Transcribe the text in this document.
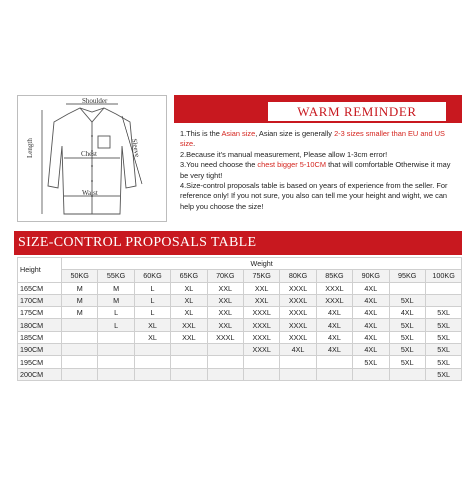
Shoulder
Chest
Waist
Length	Sleeve
WARM REMINDER

1.This is the Asian size, Asian size is generally 2-3 sizes smaller than EU and US size.

2.Because it's manual measurement, Please allow 1-3cm error!

3.You need choose the chest bigger 5-10CM that will comfortable Otherwise it may be very tight!

4.Size-control proposals table is based on years of experience from the seller. For reference only! If you not sure, you also can tell me your height and wight, we can help you choose the size!

SIZE-CONTROL PROPOSALS TABLE
Height	Weight										
	50KG	55KG	60KG	65KG	70KG	75KG	80KG	85KG	90KG	95KG	100KG
165CM	M	M	L	XL	XXL	XXL	XXXL	XXXL	4XL		
170CM	M	M	L	XL	XXL	XXL	XXXL	XXXL	4XL	5XL	
175CM	M	L	L	XL	XXL	XXXL	XXXL	4XL	4XL	4XL	5XL
180CM		L	XL	XXL	XXL	XXXL	XXXL	4XL	4XL	5XL	5XL
185CM			XL	XXL	XXXL	XXXL	XXXL	4XL	4XL	5XL	5XL
190CM						XXXL	4XL	4XL	4XL	5XL	5XL
195CM									5XL	5XL	5XL
200CM											5XL
